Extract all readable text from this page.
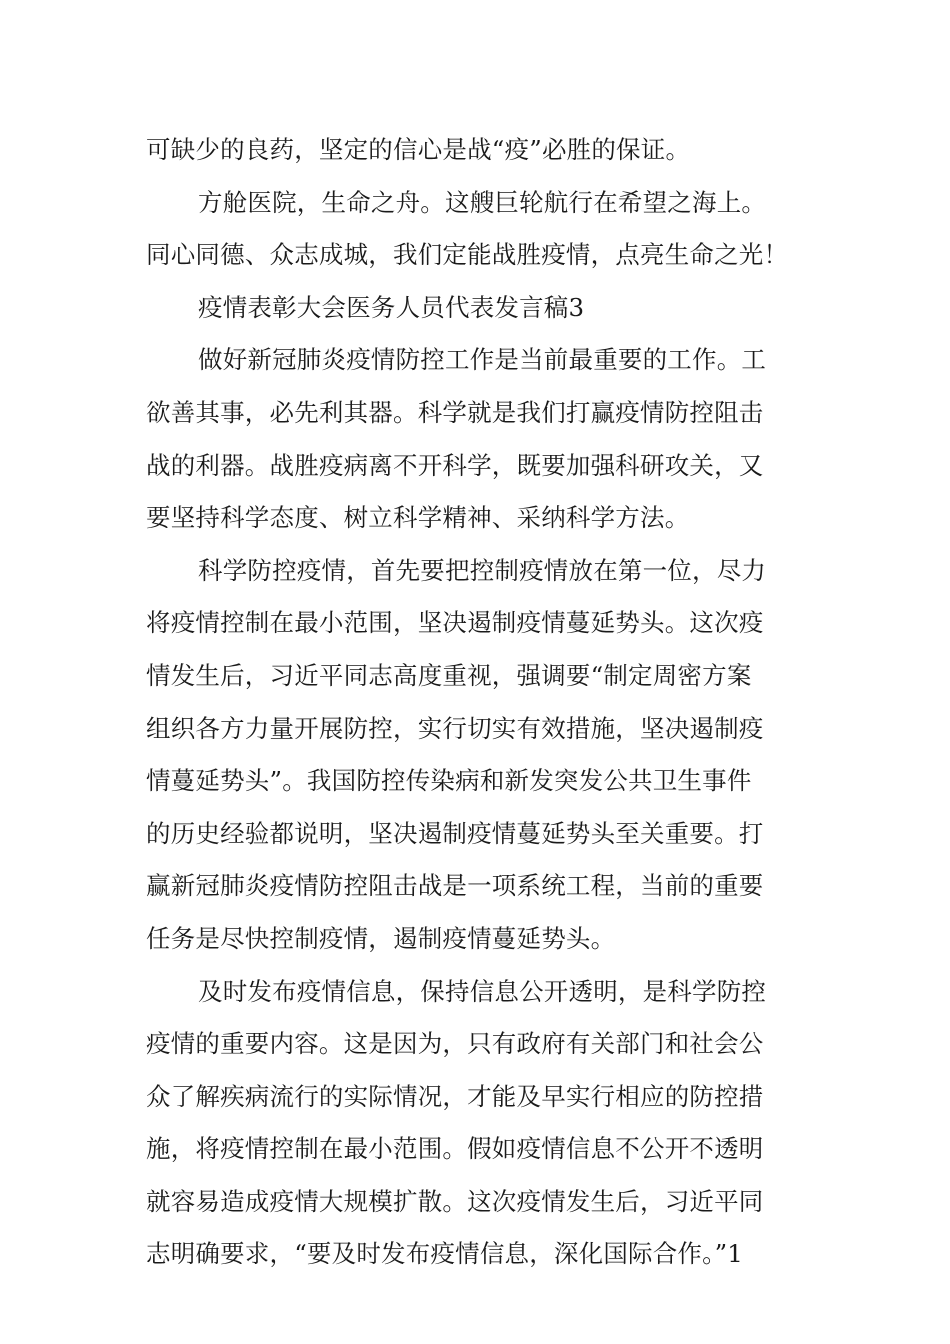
可缺少的良药，坚定的信心是战“疫”必胜的保证。
方舱医院，生命之舟。这艘巨轮航行在希望之海上。
同心同德、众志成城，我们定能战胜疫情，点亮生命之光！
疫情表彰大会医务人员代表发言稿3
做好新冠肺炎疫情防控工作是当前最重要的工作。工
欲善其事，必先利其器。科学就是我们打赢疫情防控阻击
战的利器。战胜疫病离不开科学，既要加强科研攻关，又
要坚持科学态度、树立科学精神、采纳科学方法。
科学防控疫情，首先要把控制疫情放在第一位，尽力
将疫情控制在最小范围，坚决遏制疫情蔓延势头。这次疫
情发生后，习近平同志高度重视，强调要“制定周密方案
组织各方力量开展防控，实行切实有效措施，坚决遏制疫
情蔓延势头”。我国防控传染病和新发突发公共卫生事件
的历史经验都说明，坚决遏制疫情蔓延势头至关重要。打
赢新冠肺炎疫情防控阻击战是一项系统工程，当前的重要
任务是尽快控制疫情，遏制疫情蔓延势头。
及时发布疫情信息，保持信息公开透明，是科学防控
疫情的重要内容。这是因为，只有政府有关部门和社会公
众了解疾病流行的实际情况，才能及早实行相应的防控措
施，将疫情控制在最小范围。假如疫情信息不公开不透明
就容易造成疫情大规模扩散。这次疫情发生后，习近平同
志明确要求，“要及时发布疫情信息，深化国际合作。”1
